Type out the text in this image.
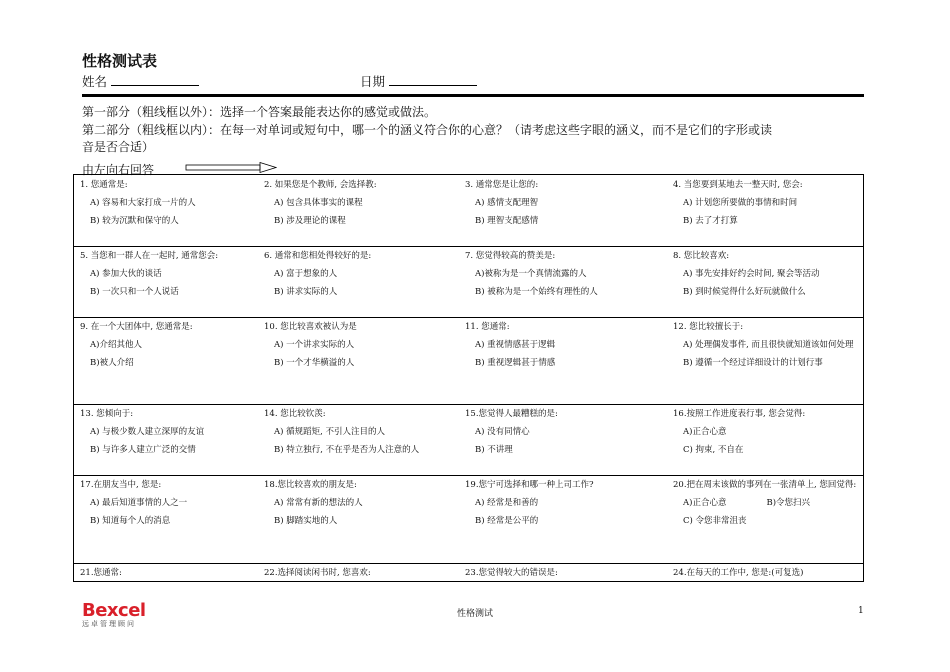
性格测试表
姓名	日期
第一部分（粗线框以外）：选择一个答案最能表达你的感觉或做法。
第二部分（粗线框以内）：在每一对单词或短句中，哪一个的涵义符合你的心意？（请考虑这些字眼的涵义，而不是它们的字形或读
音是否合适）
由左向右回答
1. 您通常是:
A) 容易和大家打成一片的人
B) 较为沉默和保守的人
2. 如果您是个教师, 会选择教:
A) 包含具体事实的课程
B) 涉及理论的课程
3. 通常您是让您的:
A) 感情支配理智
B) 理智支配感情
4. 当您要到某地去一整天时, 您会:
A) 计划您所要做的事情和时间
B) 去了才打算
5. 当您和一群人在一起时, 通常您会:
A) 参加大伙的谈话
B) 一次只和一个人说话
6. 通常和您相处得较好的是:
A) 富于想象的人
B) 讲求实际的人
7. 您觉得较高的赞美是:
A)被称为是一个真情流露的人
B) 被称为是一个始终有理性的人
8. 您比较喜欢:
A) 事先安排好约会时间, 聚会等活动
B) 到时候觉得什么好玩就做什么
9. 在一个大团体中, 您通常是:
A)介绍其他人
B)被人介绍
10. 您比较喜欢被认为是
A) 一个讲求实际的人
B) 一个才华横溢的人
11. 您通常:
A) 重视情感甚于逻辑
B) 重视逻辑甚于情感
12. 您比较擅长于:
A) 处理偶发事件, 而且很快就知道该如何处理
B) 遵循一个经过详细设计的计划行事
13. 您倾向于:
A) 与极少数人建立深厚的友谊
B) 与许多人建立广泛的交情
14. 您比较钦羡:
A) 循规蹈矩, 不引人注目的人
B) 特立独行, 不在乎是否为人注意的人
15.您觉得人最糟糕的是:
A) 没有同情心
B) 不讲理
16.按照工作进度表行事, 您会觉得:
A)正合心意
C) 拘束, 不自在
17.在朋友当中, 您是:
A) 最后知道事情的人之一
B) 知道每个人的消息
18.您比较喜欢的朋友是:
A) 常常有新的想法的人
B) 脚踏实地的人
19.您宁可选择和哪一种上司工作?
A) 经常是和善的
B) 经常是公平的
20.把在周末该做的事列在一张清单上, 您回觉得:
A)正合心意	B)令您扫兴
C) 令您非常沮丧
21.您通常:	22.选择阅读闲书时, 您喜欢:	23.您觉得较大的错误是:	24.在每天的工作中, 您是:(可复选)
Bexcel
远卓管理顾问
性格测试	1
